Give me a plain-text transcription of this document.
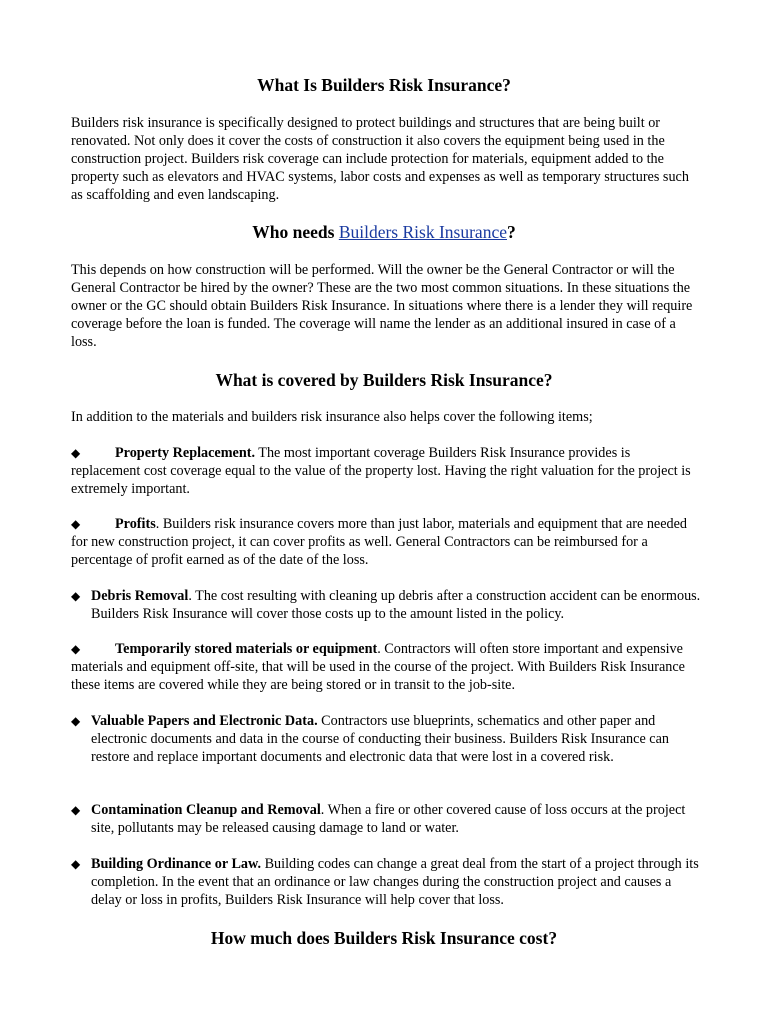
What Is Builders Risk Insurance?

Builders risk insurance is specifically designed to protect buildings and structures that are being built or renovated. Not only does it cover the costs of construction it also covers the equipment being used in the construction project. Builders risk coverage can include protection for materials, equipment added to the property such as elevators and HVAC systems, labor costs and expenses as well as temporary structures such as scaffolding and even landscaping.

Who needs Builders Risk Insurance?

This depends on how construction will be performed. Will the owner be the General Contractor or will the General Contractor be hired by the owner? These are the two most common situations. In these situations the owner or the GC should obtain Builders Risk Insurance. In situations where there is a lender they will require coverage before the loan is funded. The coverage will name the lender as an additional insured in case of a loss.

What is covered by Builders Risk Insurance?

In addition to the materials and builders risk insurance also helps cover the following items;

◆ Property Replacement. The most important coverage Builders Risk Insurance provides is replacement cost coverage equal to the value of the property lost. Having the right valuation for the project is extremely important.

◆ Profits. Builders risk insurance covers more than just labor, materials and equipment that are needed for new construction project, it can cover profits as well. General Contractors can be reimbursed for a percentage of profit earned as of the date of the loss.

◆ Debris Removal. The cost resulting with cleaning up debris after a construction accident can be enormous. Builders Risk Insurance will cover those costs up to the amount listed in the policy.

◆ Temporarily stored materials or equipment. Contractors will often store important and expensive materials and equipment off-site, that will be used in the course of the project. With Builders Risk Insurance these items are covered while they are being stored or in transit to the job-site.

◆ Valuable Papers and Electronic Data. Contractors use blueprints, schematics and other paper and electronic documents and data in the course of conducting their business. Builders Risk Insurance can restore and replace important documents and electronic data that were lost in a covered risk.

◆ Contamination Cleanup and Removal. When a fire or other covered cause of loss occurs at the project site, pollutants may be released causing damage to land or water.

◆ Building Ordinance or Law. Building codes can change a great deal from the start of a project through its completion. In the event that an ordinance or law changes during the construction project and causes a delay or loss in profits, Builders Risk Insurance will help cover that loss.

How much does Builders Risk Insurance cost?
